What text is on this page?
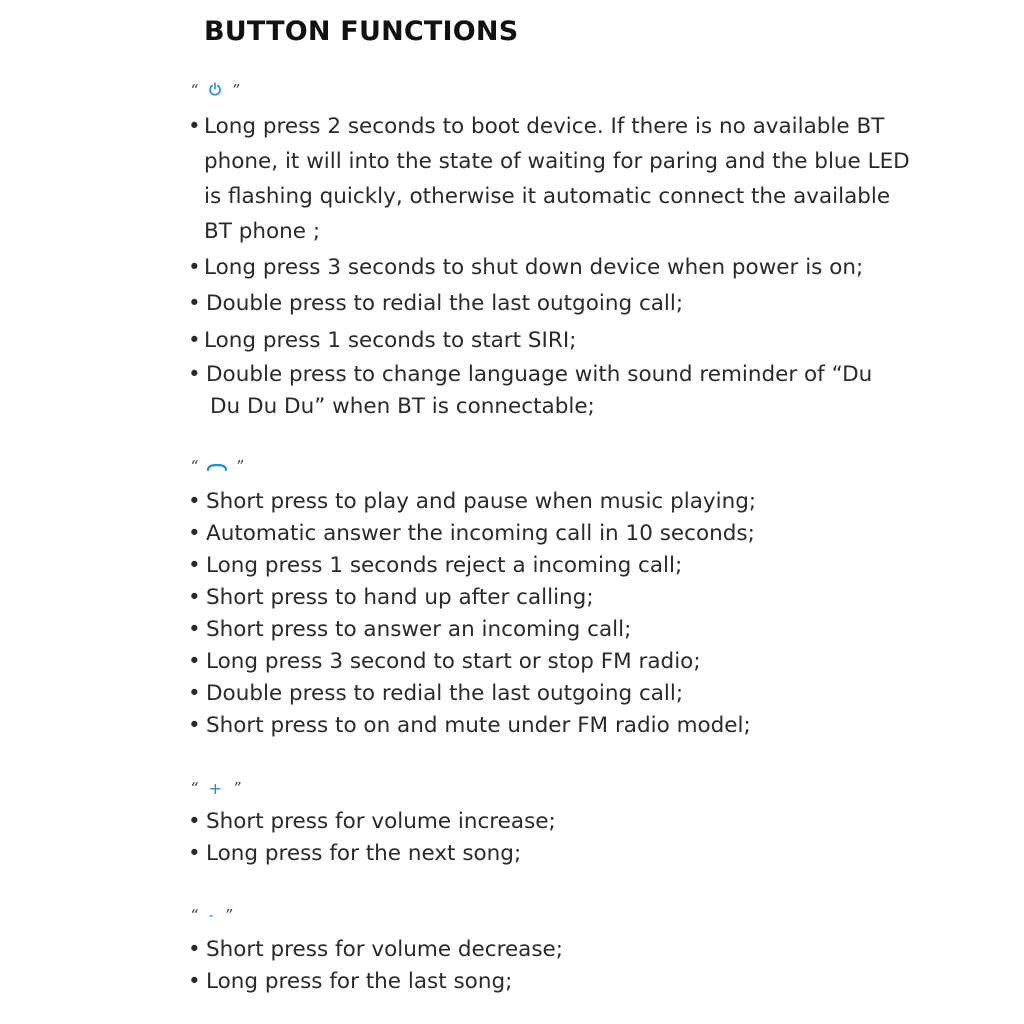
BUTTON FUNCTIONS
“ ”
• Long press 2 seconds to boot device. If there is no available BT
phone, it will into the state of waiting for paring and the blue LED
is flashing quickly, otherwise it automatic connect the available
BT phone ;
• Long press 3 seconds to shut down device when power is on;
• Double press to redial the last outgoing call;
• Long press 1 seconds to start SIRI;
• Double press to change language with sound reminder of “Du
Du Du Du” when BT is connectable;
“	”
• Short press to play and pause when music playing;
• Automatic answer the incoming call in 10 seconds;
• Long press 1 seconds reject a incoming call;
• Short press to hand up after calling;
• Short press to answer an incoming call;
• Long press 3 second to start or stop FM radio;
• Double press to redial the last outgoing call;
• Short press to on and mute under FM radio model;
“ + ”
• Short press for volume increase;
• Long press for the next song;
“ - ”
• Short press for volume decrease;
• Long press for the last song;
